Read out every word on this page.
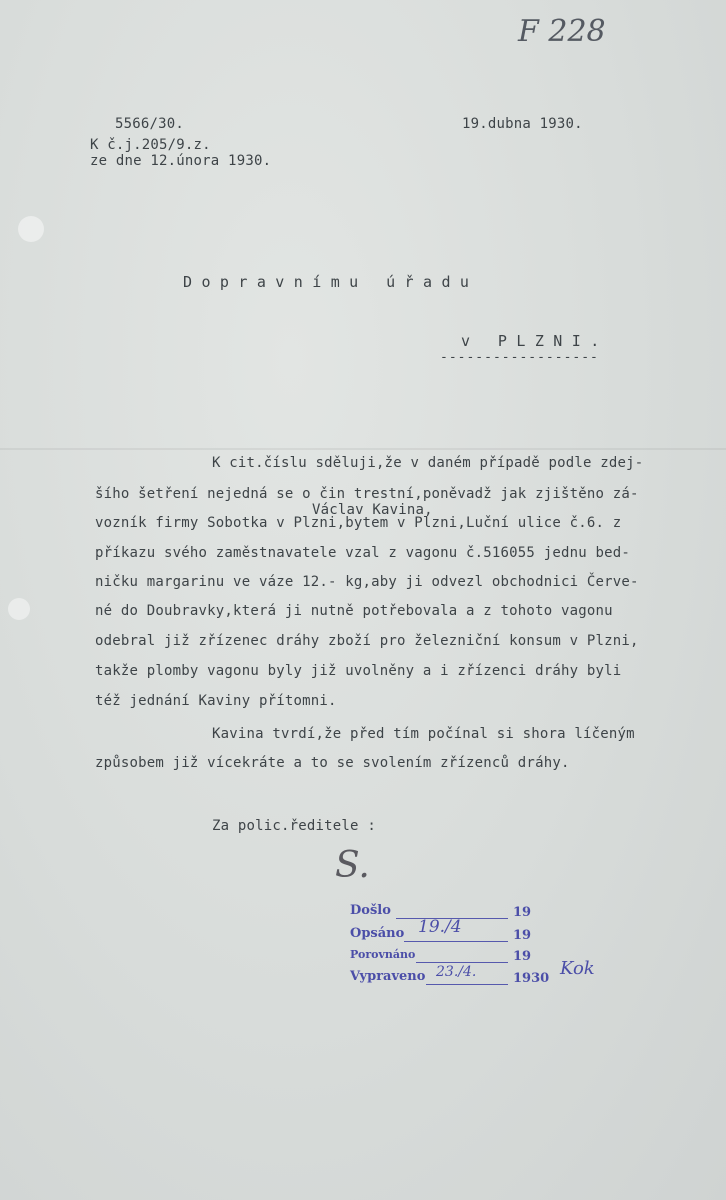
F 228
5566/30.	19.dubna 1930.
K č.j.205/9.z.
ze dne 12.února 1930.
D o p r a v n í m u   ú ř a d u
v   P L Z N I .
------------------
Václav Kavina,
K cit.číslu sděluji,že v daném případě podle zdej-
šího šetření nejedná se o čin trestní,poněvadž jak zjištěno zá-
vozník firmy Sobotka v Plzni,bytem v Plzni,Luční ulice č.6. z
příkazu svého zaměstnavatele vzal z vagonu č.516055 jednu bed-
ničku margarinu ve váze 12.- kg,aby ji odvezl obchodnici Červe-
né do Doubravky,která ji nutně potřebovala a z tohoto vagonu
odebral již zřízenec dráhy zboží pro železniční konsum v Plzni,
takže plomby vagonu byly již uvolněny a i zřízenci dráhy byli
též jednání Kaviny přítomni.
Kavina tvrdí,že před tím počínal si shora líčeným
způsobem již vícekráte a to se svolením zřízenců dráhy.
Za polic.ředitele :
S.
Došlo	19
Opsáno 19./4	19
Porovnáno	19
Vypraveno 23./4.	1930 Kok
